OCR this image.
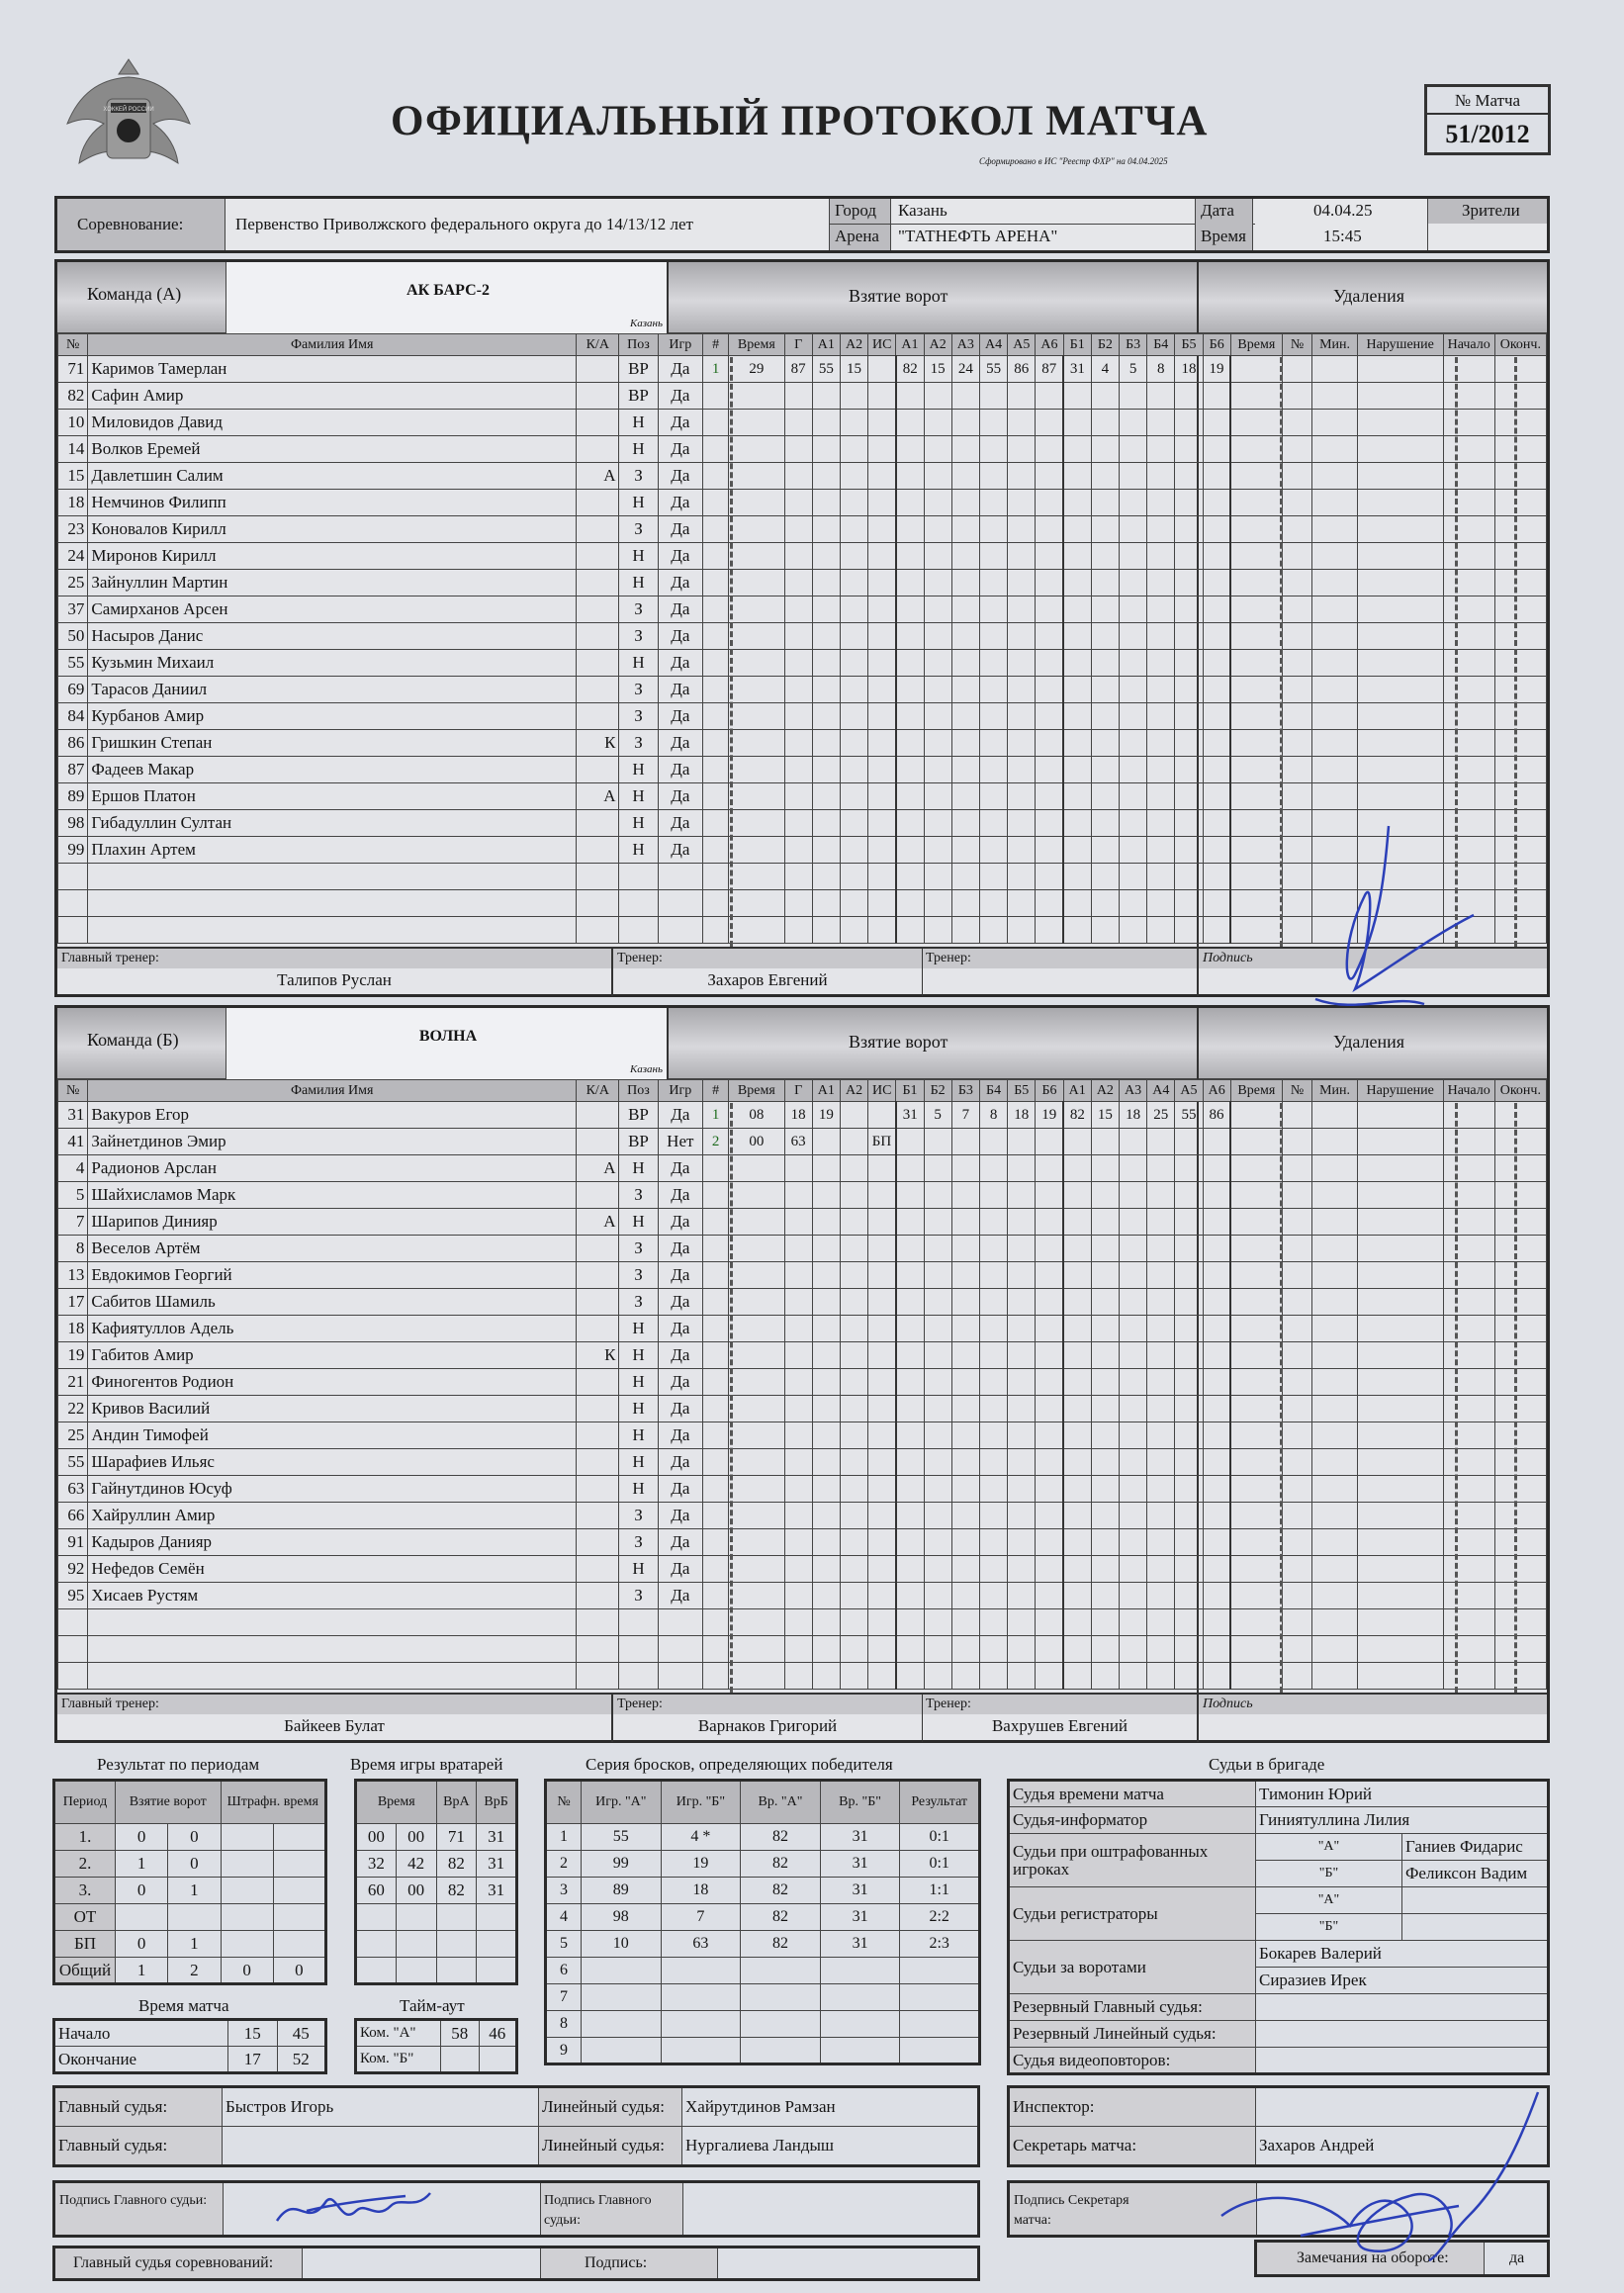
ХОККЕЙ РОССИИ	ОФИЦИАЛЬНЫЙ ПРОТОКОЛ МАТЧА
Сформировано в ИС "Реестр ФХР" на 04.04.2025
№ Матча
51/2012
Соревнование:	Первенство Приволжского федерального округа до 14/13/12 лет
Город Казань
Арена "ТАТНЕФТЬ АРЕНА"
Дата
Время
04.04.25
15:45
Зрители
Команда (А)	АК БАРС-2
Казань
Взятие ворот	Удаления
№	Фамилия Имя	К/А	Поз	Игр	#	Время	Г	А1	А2	ИС	А1	А2	А3	А4	А5	А6	Б1	Б2	Б3	Б4	Б5	Б6	Время	№	Мин.	Нарушение	Начало	Оконч.
71	Каримов Тамерлан		ВР	Да	1	29	87	55	15		82	15	24	55	86	87	31	4	5	8	18	19						
82	Сафин Амир		ВР	Да																								
10	Миловидов Давид		Н	Да																								
14	Волков Еремей		Н	Да																								
15	Давлетшин Салим	А	З	Да																								
18	Немчинов Филипп		Н	Да																								
23	Коновалов Кирилл		З	Да																								
24	Миронов Кирилл		Н	Да																								
25	Зайнуллин Мартин		Н	Да																								
37	Самирханов Арсен		З	Да																								
50	Насыров Данис		З	Да																								
55	Кузьмин Михаил		Н	Да																								
69	Тарасов Даниил		З	Да																								
84	Курбанов Амир		З	Да																								
86	Гришкин Степан	К	З	Да																								
87	Фадеев Макар		Н	Да																								
89	Ершов Платон	А	Н	Да																								
98	Гибадуллин Султан		Н	Да																								
99	Плахин Артем		Н	Да																								

Главный тренер:
Талипов Руслан
Тренер:
Захаров Евгений
Тренер:	Подпись
Команда (Б)	ВОЛНА
Казань
Взятие ворот	Удаления
№	Фамилия Имя	К/А	Поз	Игр	#	Время	Г	А1	А2	ИС	Б1	Б2	Б3	Б4	Б5	Б6	А1	А2	А3	А4	А5	А6	Время	№	Мин.	Нарушение	Начало	Оконч.
31	Вакуров Егор		ВР	Да	1	08	18	19			31	5	7	8	18	19	82	15	18	25	55	86						
41	Зайнетдинов Эмир		ВР	Нет	2	00	63			БП																		
4	Радионов Арслан	А	Н	Да																								
5	Шайхисламов Марк		З	Да																								
7	Шарипов Динияр	А	Н	Да																								
8	Веселов Артём		З	Да																								
13	Евдокимов Георгий		З	Да																								
17	Сабитов Шамиль		З	Да																								
18	Кафиятуллов Адель		Н	Да																								
19	Габитов Амир	К	Н	Да																								
21	Финогентов Родион		Н	Да																								
22	Кривов Василий		Н	Да																								
25	Андин Тимофей		Н	Да																								
55	Шарафиев Ильяс		Н	Да																								
63	Гайнутдинов Юсуф		Н	Да																								
66	Хайруллин Амир		З	Да																								
91	Кадыров Данияр		З	Да																								
92	Нефедов Семён		Н	Да																								
95	Хисаев Рустям		З	Да																								

Главный тренер:
Байкеев Булат
Тренер:
Варнаков Григорий
Тренер:
Вахрушев Евгений
Подпись
Результат по периодам
Период	Взятие ворот		Штрафн. время	
1.	0	0		
2.	1	0		
3.	0	1		
ОТ				
БП	0	1		
Общий	1	2	0	0
Время матча
Начало	15	45
Окончание	17	52
Время игры вратарей
Время		ВрА	ВрБ
00	00	71	31
32	42	82	31
60	00	82	31

Тайм-аут
Ком. "А"	58	46
Ком. "Б"		
Серия бросков, определяющих победителя
№	Игр. "А"	Игр. "Б"	Вр. "А"	Вр. "Б"	Результат
1	55	4 *	82	31	0:1
2	99	19	82	31	0:1
3	89	18	82	31	1:1
4	98	7	82	31	2:2
5	10	63	82	31	2:3
6					
7					
8					
9					
Судьи в бригаде
Судья времени матча	Тимонин Юрий	
Судья-информатор	Гиниятуллина Лилия	
Судьи при оштрафованных игроках	"А"	Ганиев Фидарис
	"Б"	Феликсон Вадим
Судьи регистраторы	"А"	
	"Б"	
Судьи за воротами	Бокарев Валерий	
	Сиразиев Ирек	
Резервный Главный судья:		
Резервный Линейный судья:		
Судья видеоповторов:		
Главный судья:	Быстров Игорь	Линейный судья:	Хайрутдинов Рамзан
Главный судья:		Линейный судья:	Нургалиева Ландыш
Инспектор:	
Секретарь матча:	Захаров Андрей
Подпись Главного судьи:	Подпись Главного судьи:
Подпись Секретаря матча:
Главный судья соревнований:	Подпись:	Замечания на обороте:	да
